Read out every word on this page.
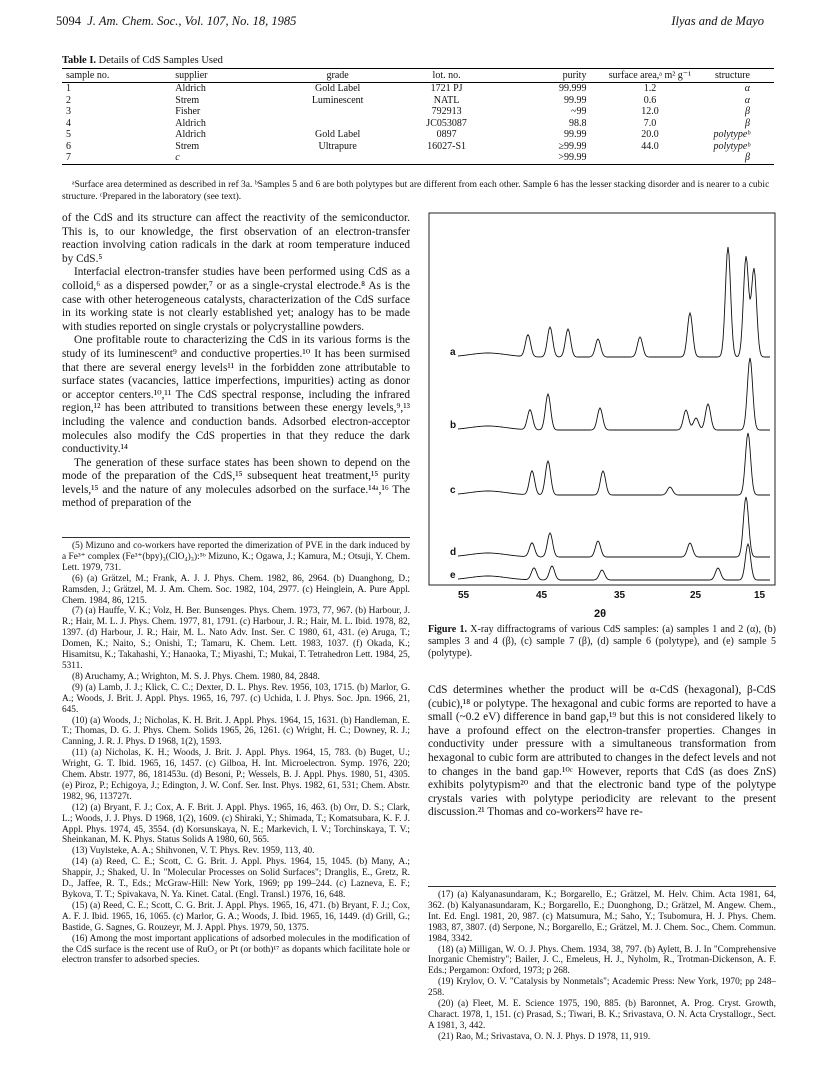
5094 J. Am. Chem. Soc., Vol. 107, No. 18, 1985	Ilyas and de Mayo
Table I. Details of CdS Samples Used
sample no.	supplier	grade	lot. no.	purity	surface area,ᵃ m² g⁻¹	structure
1	Aldrich	Gold Label	1721 PJ	99.999	1.2	α
2	Strem	Luminescent	NATL	99.99	0.6	α
3	Fisher		792913	~99	12.0	β
4	Aldrich		JC053087	98.8	7.0	β
5	Aldrich	Gold Label	0897	99.99	20.0	polytypeᵇ
6	Strem	Ultrapure	16027-S1	≥99.99	44.0	polytypeᵇ
7	c			>99.99		β
ᵃSurface area determined as described in ref 3a. ᵇSamples 5 and 6 are both polytypes but are different from each other. Sample 6 has the lesser stacking disorder and is nearer to a cubic structure. ᶜPrepared in the laboratory (see text).

of the CdS and its structure can affect the reactivity of the semiconductor. This is, to our knowledge, the first observation of an electron-transfer reaction involving cation radicals in the dark at room temperature induced by CdS.⁵

Interfacial electron-transfer studies have been performed using CdS as a colloid,⁶ as a dispersed powder,⁷ or as a single-crystal electrode.⁸ As is the case with other heterogeneous catalysts, characterization of the CdS surface in its working state is not clearly established yet; analogy has to be made with studies reported on single crystals or polycrystalline powders.

One profitable route to characterizing the CdS in its various forms is the study of its luminescent⁹ and conductive properties.¹⁰ It has been surmised that there are several energy levels¹¹ in the forbidden zone attributable to surface states (vacancies, lattice imperfections, impurities) acting as donor or acceptor centers.¹⁰,¹¹ The CdS spectral response, including the infrared region,¹² has been attributed to transitions between these energy levels,⁹,¹³ including the valence and conduction bands. Adsorbed electron-acceptor molecules also modify the CdS properties in that they reduce the dark conductivity.¹⁴

The generation of these surface states has been shown to depend on the mode of the preparation of the CdS,¹⁵ subsequent heat treatment,¹⁵ purity levels,¹⁵ and the nature of any molecules adsorbed on the surface.¹⁴ᵃ,¹⁶ The method of preparation of the

(5) Mizuno and co-workers have reported the dimerization of PVE in the dark induced by a Fe³⁺ complex (Fe³⁺(bpy)₃(ClO₄)₃):⁵ᵇ Mizuno, K.; Ogawa, J.; Kamura, M.; Otsuji, Y. Chem. Lett. 1979, 731.

(6) (a) Grätzel, M.; Frank, A. J. J. Phys. Chem. 1982, 86, 2964. (b) Duanghong, D.; Ramsden, J.; Grätzel, M. J. Am. Chem. Soc. 1982, 104, 2977. (c) Heinglein, A. Pure Appl. Chem. 1984, 86, 1215.

(7) (a) Hauffe, V. K.; Volz, H. Ber. Bunsenges. Phys. Chem. 1973, 77, 967. (b) Harbour, J. R.; Hair, M. L. J. Phys. Chem. 1977, 81, 1791. (c) Harbour, J. R.; Hair, M. L. Ibid. 1978, 82, 1397. (d) Harbour, J. R.; Hair, M. L. Nato Adv. Inst. Ser. C 1980, 61, 431. (e) Aruga, T.; Domen, K.; Naito, S.; Onishi, T.; Tamaru, K. Chem. Lett. 1983, 1037. (f) Okada, K.; Hisamitsu, K.; Takahashi, Y.; Hanaoka, T.; Miyashi, T.; Mukai, T. Tetrahedron Lett. 1984, 25, 5311.

(8) Aruchamy, A.; Wrighton, M. S. J. Phys. Chem. 1980, 84, 2848.

(9) (a) Lamb, J. J.; Klick, C. C.; Dexter, D. L. Phys. Rev. 1956, 103, 1715. (b) Marlor, G. A.; Woods, J. Brit. J. Appl. Phys. 1965, 16, 797. (c) Uchida, I. J. Phys. Soc. Jpn. 1966, 21, 645.

(10) (a) Woods, J.; Nicholas, K. H. Brit. J. Appl. Phys. 1964, 15, 1631. (b) Handleman, E. T.; Thomas, D. G. J. Phys. Chem. Solids 1965, 26, 1261. (c) Wright, H. C.; Downey, R. J.; Canning, J. R. J. Phys. D 1968, 1(2), 1593.

(11) (a) Nicholas, K. H.; Woods, J. Brit. J. Appl. Phys. 1964, 15, 783. (b) Buget, U.; Wright, G. T. Ibid. 1965, 16, 1457. (c) Gilboa, H. Int. Microelectron. Symp. 1976, 220; Chem. Abstr. 1977, 86, 181453u. (d) Besoni, P.; Wessels, B. J. Appl. Phys. 1980, 51, 4305. (e) Piroz, P.; Echigoya, J.; Edington, J. W. Conf. Ser. Inst. Phys. 1982, 61, 531; Chem. Abstr. 1982, 96, 113727t.

(12) (a) Bryant, F. J.; Cox, A. F. Brit. J. Appl. Phys. 1965, 16, 463. (b) Orr, D. S.; Clark, L.; Woods, J. J. Phys. D 1968, 1(2), 1609. (c) Shiraki, Y.; Shimada, T.; Komatsubara, K. F. J. Appl. Phys. 1974, 45, 3554. (d) Korsunskaya, N. E.; Markevich, I. V.; Torchinskaya, T. V.; Sheinkanan, M. K. Phys. Status Solids A 1980, 60, 565.

(13) Vuylsteke, A. A.; Shihvonen, V. T. Phys. Rev. 1959, 113, 40.

(14) (a) Reed, C. E.; Scott, C. G. Brit. J. Appl. Phys. 1964, 15, 1045. (b) Many, A.; Shappir, J.; Shaked, U. In "Molecular Processes on Solid Surfaces"; Dranglis, E., Gretz, R. D., Jaffee, R. T., Eds.; McGraw-Hill: New York, 1969; pp 199–244. (c) Lazneva, E. F.; Bykova, T. T.; Spivakava, N. Ya. Kinet. Catal. (Engl. Transl.) 1976, 16, 648.

(15) (a) Reed, C. E.; Scott, C. G. Brit. J. Appl. Phys. 1965, 16, 471. (b) Bryant, F. J.; Cox, A. F. J. Ibid. 1965, 16, 1065. (c) Marlor, G. A.; Woods, J. Ibid. 1965, 16, 1449. (d) Grill, G.; Bastide, G. Sagnes, G. Rouzeyr, M. J. Appl. Phys. 1979, 50, 1375.

(16) Among the most important applications of adsorbed molecules in the modification of the CdS surface is the recent use of RuO₂ or Pt (or both)¹⁷ as dopants which facilitate hole or electron transfer to adsorbed species.

a
b
c
d
e
55	45	35	25	15
2θ
Figure 1. X-ray diffractograms of various CdS samples: (a) samples 1 and 2 (α), (b) samples 3 and 4 (β), (c) sample 7 (β), (d) sample 6 (polytype), and (e) sample 5 (polytype).

CdS determines whether the product will be α-CdS (hexagonal), β-CdS (cubic),¹⁸ or polytype. The hexagonal and cubic forms are reported to have a small (~0.2 eV) difference in band gap,¹⁹ but this is not considered likely to have a profound effect on the electron-transfer properties. Changes in conductivity under pressure with a simultaneous transformation from hexagonal to cubic form are attributed to changes in the defect levels and not to changes in the band gap.¹⁰ᶜ However, reports that CdS (as does ZnS) exhibits polytypism²⁰ and that the electronic band type of the polytype crystals varies with polytype periodicity are relevant to the present discussion.²¹ Thomas and co-workers²² have re-

(17) (a) Kalyanasundaram, K.; Borgarello, E.; Grätzel, M. Helv. Chim. Acta 1981, 64, 362. (b) Kalyanasundaram, K.; Borgarello, E.; Duonghong, D.; Grätzel, M. Angew. Chem., Int. Ed. Engl. 1981, 20, 987. (c) Matsumura, M.; Saho, Y.; Tsubomura, H. J. Phys. Chem. 1983, 87, 3807. (d) Serpone, N.; Borgarello, E.; Grätzel, M. J. Chem. Soc., Chem. Commun. 1984, 3342.

(18) (a) Milligan, W. O. J. Phys. Chem. 1934, 38, 797. (b) Aylett, B. J. In "Comprehensive Inorganic Chemistry"; Bailer, J. C., Emeleus, H. J., Nyholm, R., Trotman-Dickenson, A. F. Eds.; Pergamon: Oxford, 1973; p 268.

(19) Krylov, O. V. "Catalysis by Nonmetals"; Academic Press: New York, 1970; pp 248–258.

(20) (a) Fleet, M. E. Science 1975, 190, 885. (b) Baronnet, A. Prog. Cryst. Growth, Charact. 1978, 1, 151. (c) Prasad, S.; Tiwari, B. K.; Srivastava, O. N. Acta Crystallogr., Sect. A 1981, 3, 442.

(21) Rao, M.; Srivastava, O. N. J. Phys. D 1978, 11, 919.
